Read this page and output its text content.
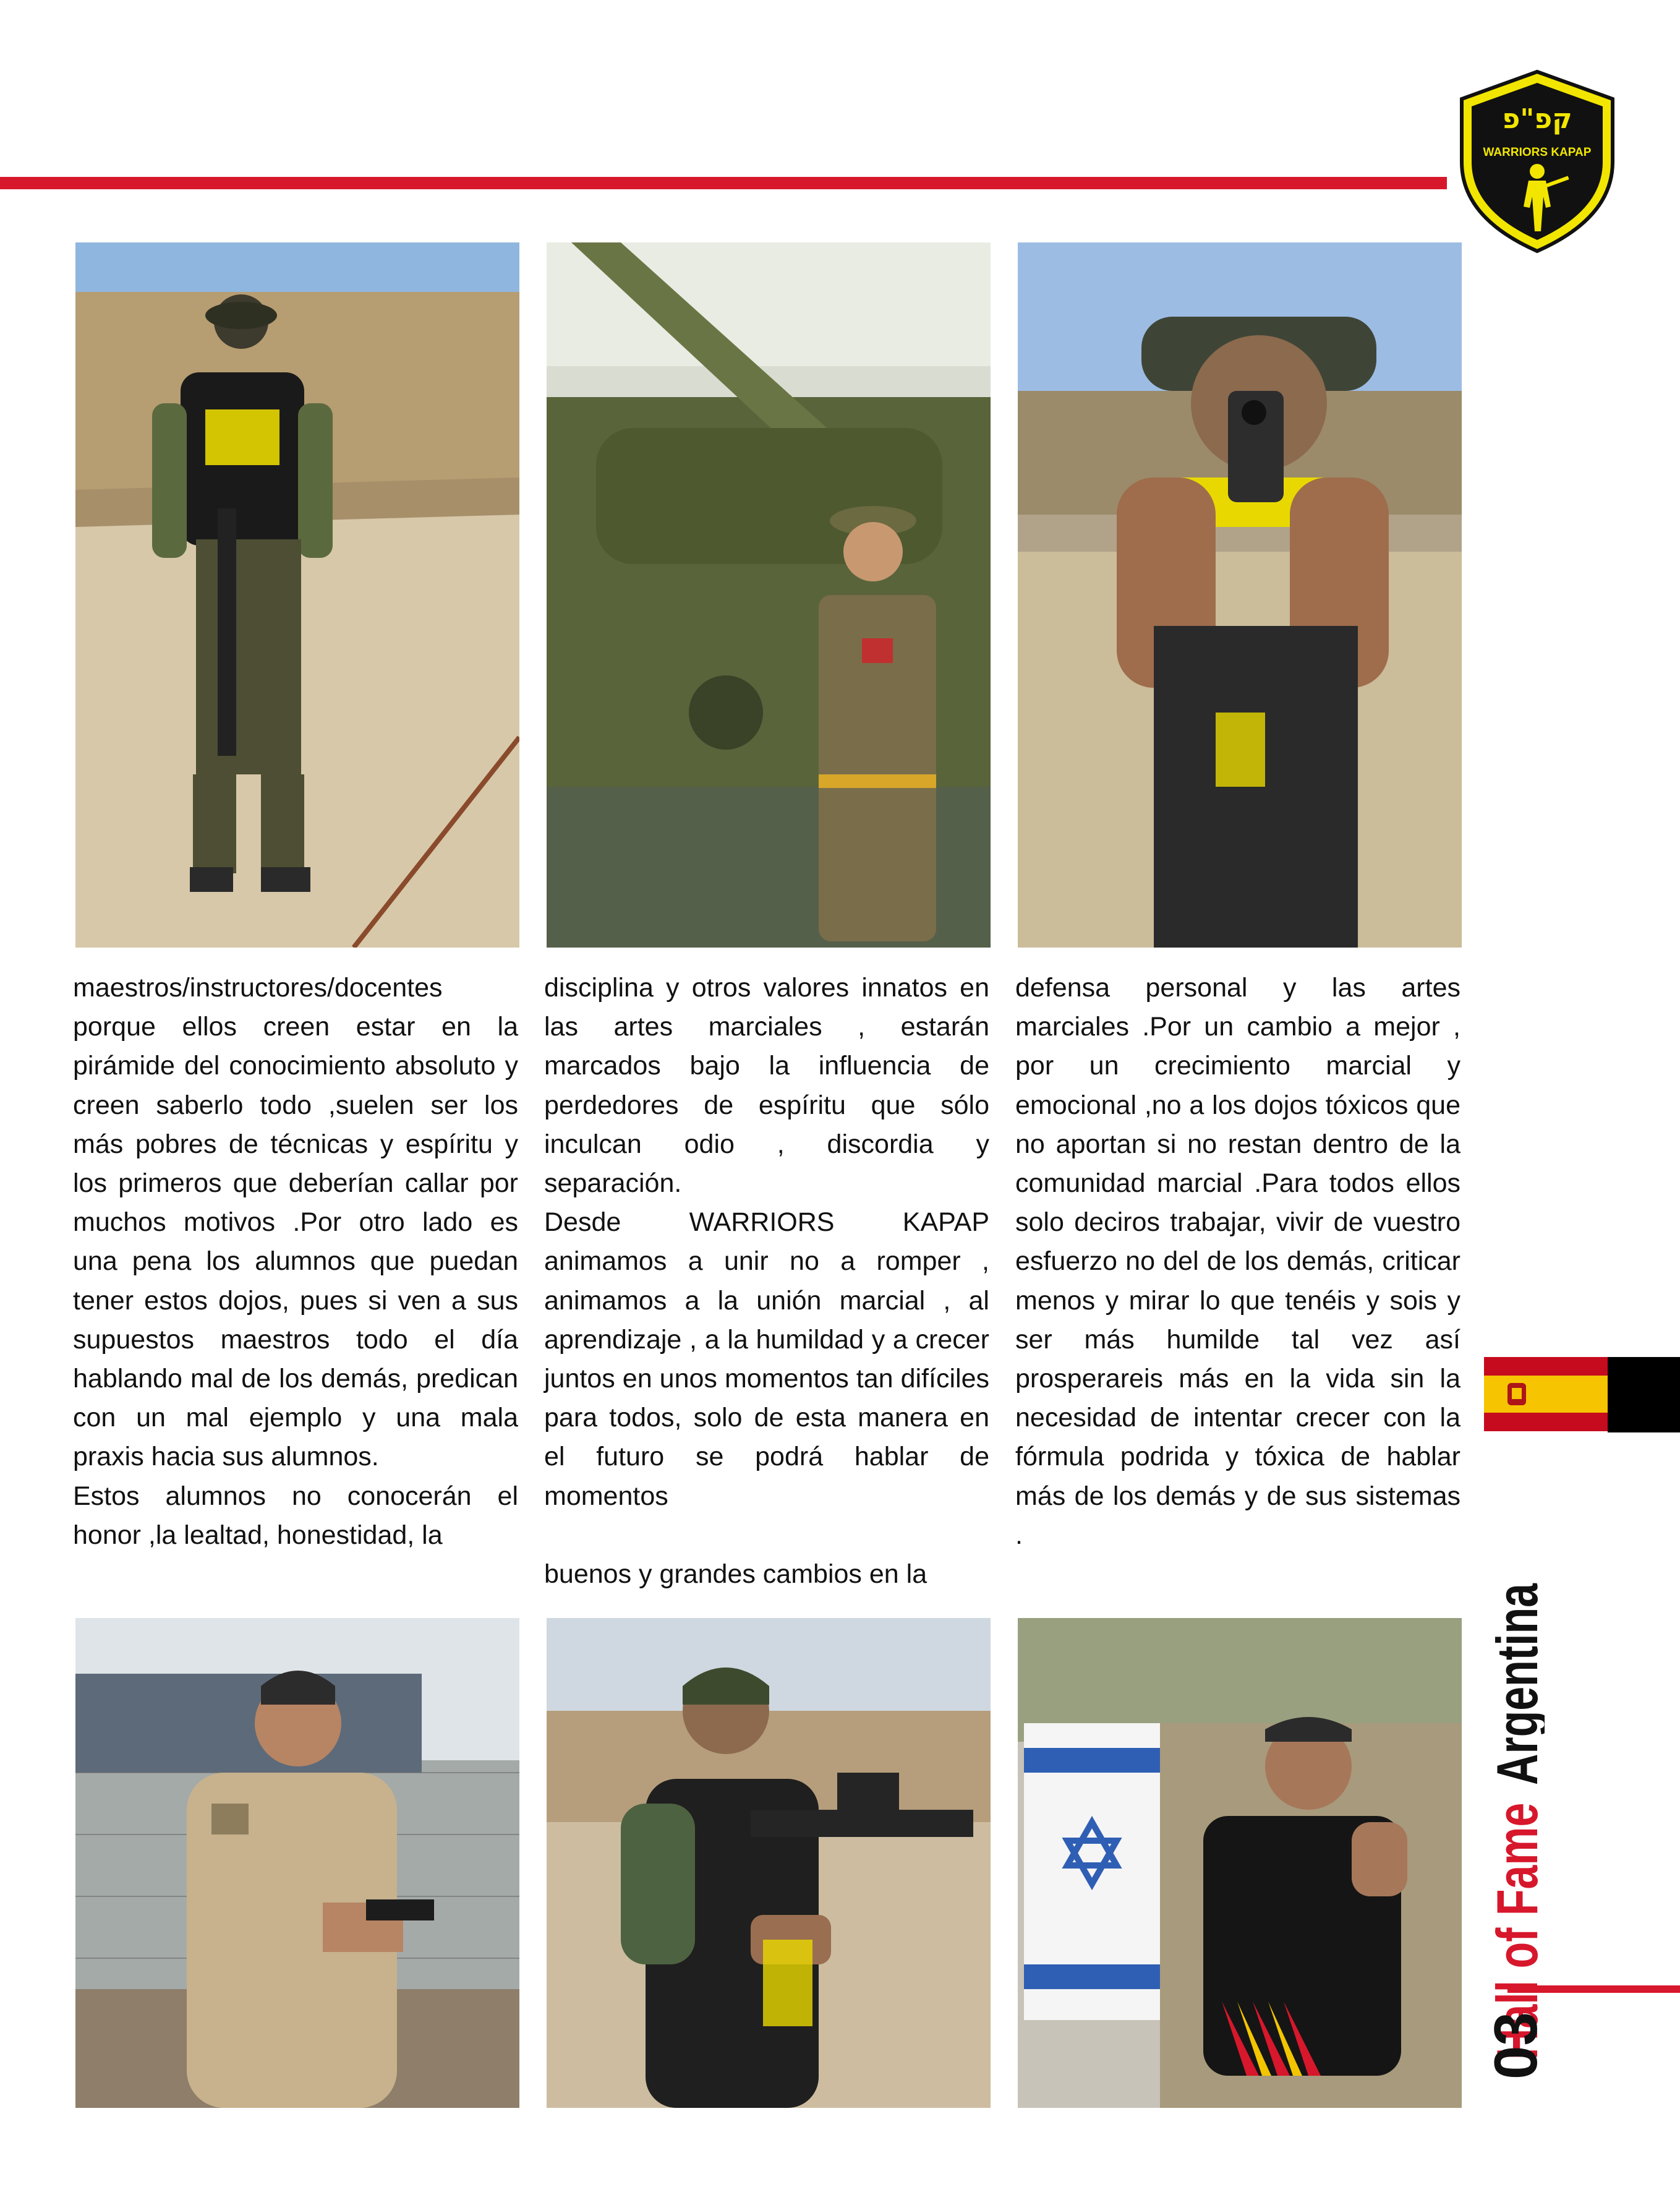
קפ"פ
WARRIORS KAPAP

maestros/instructores/docentes porque ellos creen estar en la pirámide del conocimiento absoluto y creen saberlo todo ,suelen ser los más pobres de técnicas y espíritu y los primeros que deberían callar por muchos motivos .Por otro lado es una pena los alumnos que puedan tener estos dojos, pues si ven a sus supuestos maestros todo el día hablando mal de los demás, predican con un mal ejemplo y una mala praxis hacia sus alumnos.

Estos alumnos no conocerán el honor ,la lealtad, honestidad, la

disciplina y otros valores innatos en las artes marciales , estarán marcados bajo la influencia de perdedores de espíritu que sólo inculcan odio , discordia y separación.

Desde WARRIORS KAPAP animamos a unir no a romper , animamos a la unión marcial , al aprendizaje , a la humildad y a crecer juntos en unos momentos tan difíciles para todos, solo de esta manera en el futuro se podrá hablar de momentos

buenos y grandes cambios en la

defensa personal y las artes marciales .Por un cambio a mejor , por un crecimiento marcial y emocional ,no a los dojos tóxicos que no aportan si no restan dentro de la comunidad marcial .Para todos ellos solo deciros trabajar, vivir de vuestro esfuerzo no del de los demás, criticar menos y mirar lo que tenéis y sois y ser más humilde tal vez así prosperareis más en la vida sin la necesidad de intentar crecer con la fórmula podrida y tóxica de hablar más de los demás y de sus sistemas .

Hall of Fame Argentina
03
